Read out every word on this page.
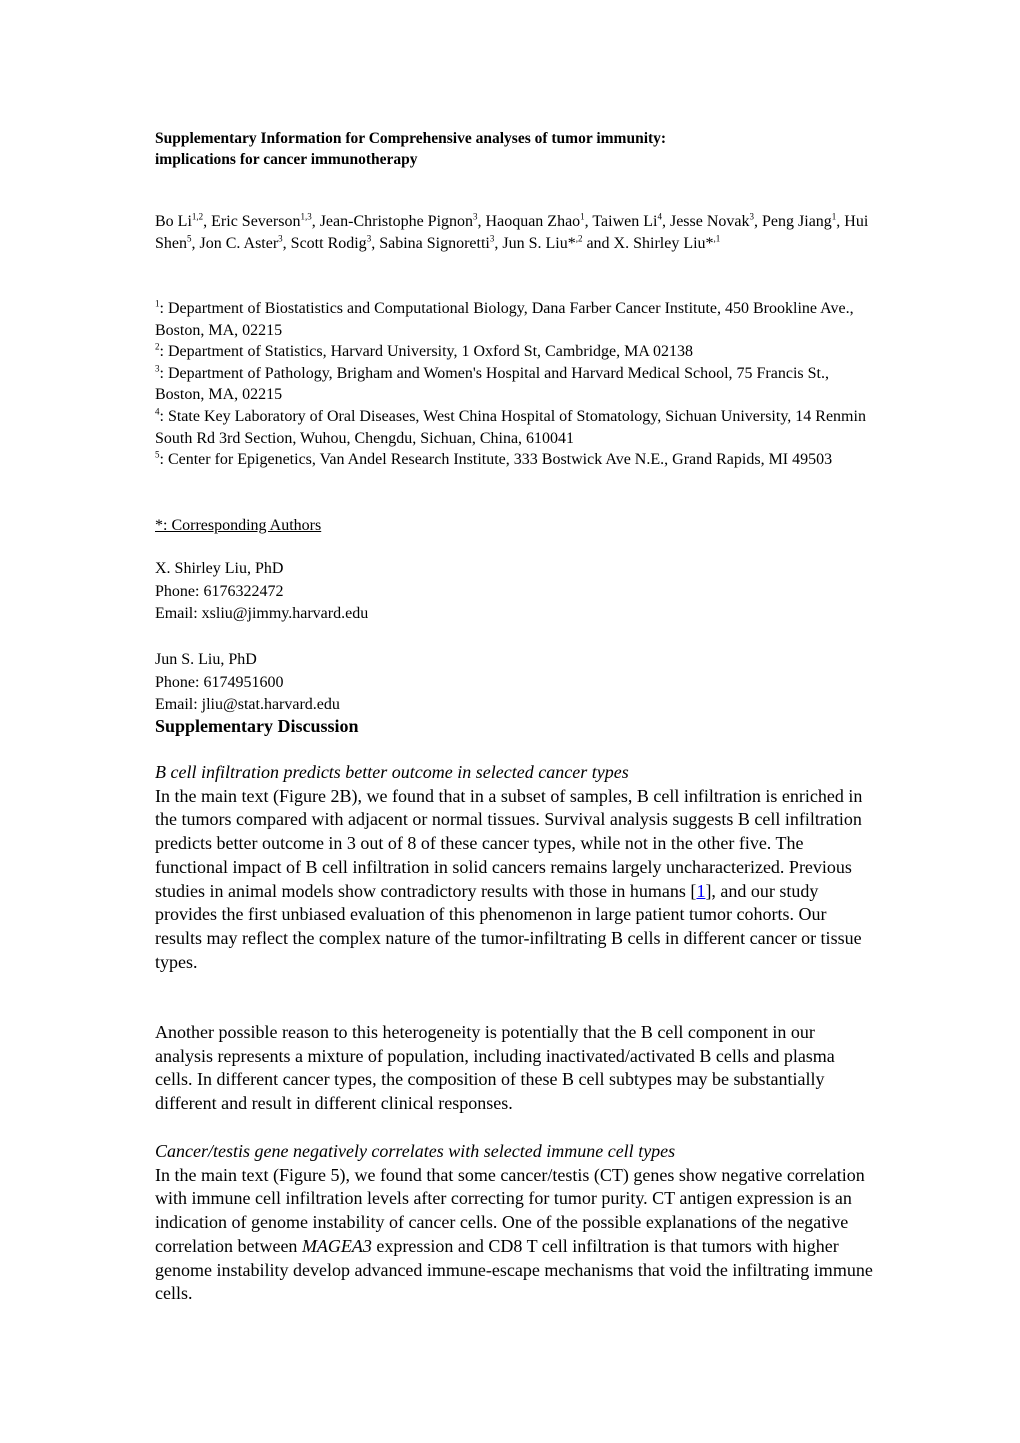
Supplementary Information for Comprehensive analyses of tumor immunity:
implications for cancer immunotherapy
Bo Li$^{1,2}$, Eric Severson$^{1,3}$, Jean-Christophe Pignon$^3$, Haoquan Zhao$^1$, Taiwen Li$^4$, Jesse Novak$^3$, Peng Jiang$^1$, Hui Shen$^5$, Jon C. Aster$^3$, Scott Rodig$^3$, Sabina Signoretti$^3$, Jun S. Liu*$^{,2}$ and X. Shirley Liu*$^{,1}$
$^1$: Department of Biostatistics and Computational Biology, Dana Farber Cancer Institute, 450 Brookline Ave., Boston, MA, 02215
$^2$: Department of Statistics, Harvard University, 1 Oxford St, Cambridge, MA 02138
$^3$: Department of Pathology, Brigham and Women's Hospital and Harvard Medical School, 75 Francis St., Boston, MA, 02215
$^4$: State Key Laboratory of Oral Diseases, West China Hospital of Stomatology, Sichuan University, 14 Renmin South Rd 3rd Section, Wuhou, Chengdu, Sichuan, China, 610041
$^5$: Center for Epigenetics, Van Andel Research Institute, 333 Bostwick Ave N.E., Grand Rapids, MI 49503
*: Corresponding Authors
X. Shirley Liu, PhD
Phone: 6176322472
Email: xsliu@jimmy.harvard.edu
Jun S. Liu, PhD
Phone: 6174951600
Email: jliu@stat.harvard.edu
Supplementary Discussion

B cell infiltration predicts better outcome in selected cancer types

In the main text (Figure 2B), we found that in a subset of samples, B cell infiltration is enriched in the tumors compared with adjacent or normal tissues. Survival analysis suggests B cell infiltration predicts better outcome in 3 out of 8 of these cancer types, while not in the other five. The functional impact of B cell infiltration in solid cancers remains largely uncharacterized. Previous studies in animal models show contradictory results with those in humans [1], and our study provides the first unbiased evaluation of this phenomenon in large patient tumor cohorts. Our results may reflect the complex nature of the tumor-infiltrating B cells in different cancer or tissue types.

Another possible reason to this heterogeneity is potentially that the B cell component in our analysis represents a mixture of population, including inactivated/activated B cells and plasma cells. In different cancer types, the composition of these B cell subtypes may be substantially different and result in different clinical responses.

Cancer/testis gene negatively correlates with selected immune cell types

In the main text (Figure 5), we found that some cancer/testis (CT) genes show negative correlation with immune cell infiltration levels after correcting for tumor purity. CT antigen expression is an indication of genome instability of cancer cells. One of the possible explanations of the negative correlation between MAGEA3 expression and CD8 T cell infiltration is that tumors with higher genome instability develop advanced immune-escape mechanisms that void the infiltrating immune cells.
